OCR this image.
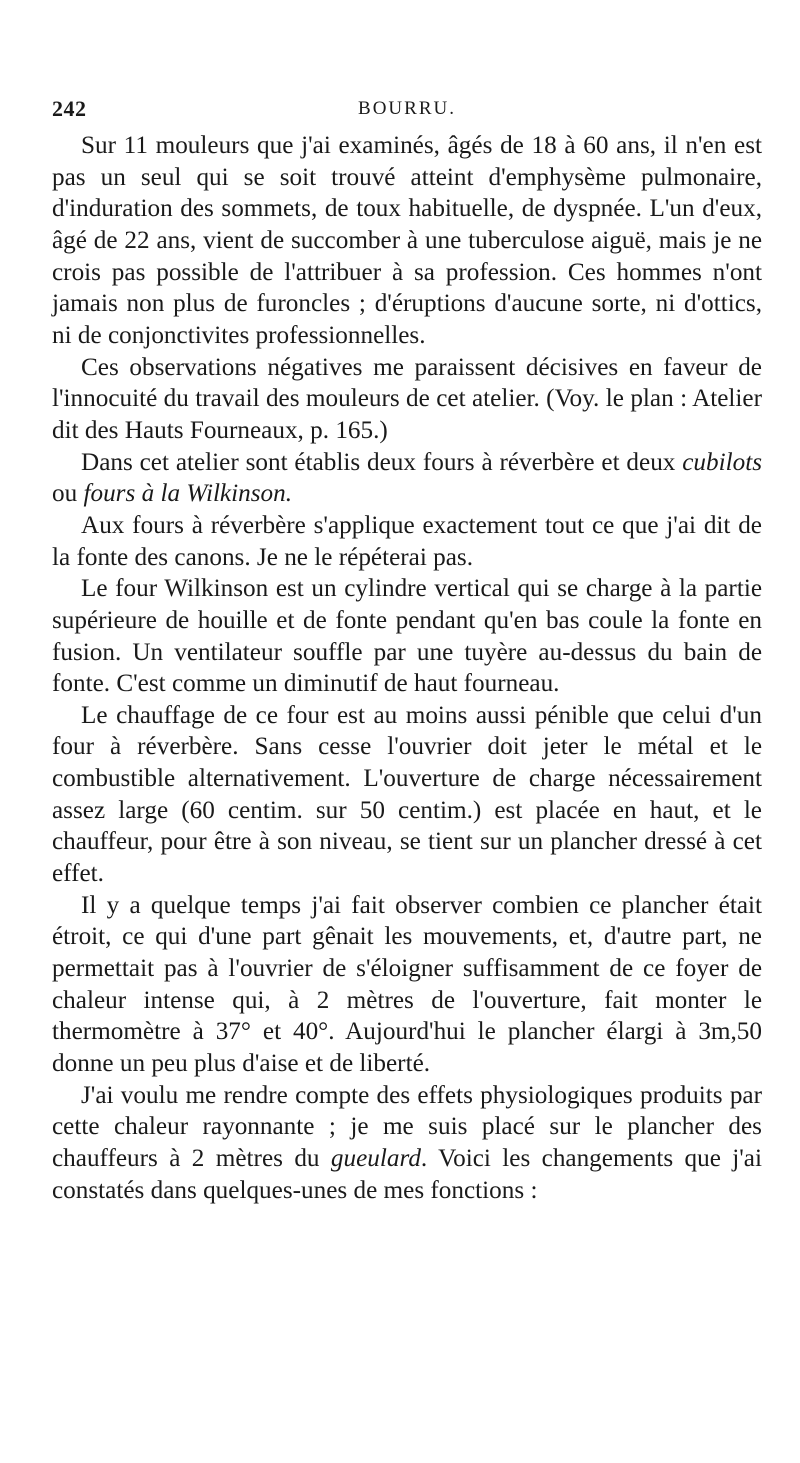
242	BOURRU.

Sur 11 mouleurs que j'ai examinés, âgés de 18 à 60 ans, il n'en est pas un seul qui se soit trouvé atteint d'emphysème pulmonaire, d'induration des sommets, de toux habituelle, de dyspnée. L'un d'eux, âgé de 22 ans, vient de succomber à une tuberculose aiguë, mais je ne crois pas possible de l'attribuer à sa profession. Ces hommes n'ont jamais non plus de furoncles ; d'éruptions d'aucune sorte, ni d'ottics, ni de conjonctivites professionnelles.

Ces observations négatives me paraissent décisives en faveur de l'innocuité du travail des mouleurs de cet atelier. (Voy. le plan : Atelier dit des Hauts Fourneaux, p. 165.)

Dans cet atelier sont établis deux fours à réverbère et deux cubilots ou fours à la Wilkinson.

Aux fours à réverbère s'applique exactement tout ce que j'ai dit de la fonte des canons. Je ne le répéterai pas.

Le four Wilkinson est un cylindre vertical qui se charge à la partie supérieure de houille et de fonte pendant qu'en bas coule la fonte en fusion. Un ventilateur souffle par une tuyère au-dessus du bain de fonte. C'est comme un diminutif de haut fourneau.

Le chauffage de ce four est au moins aussi pénible que celui d'un four à réverbère. Sans cesse l'ouvrier doit jeter le métal et le combustible alternativement. L'ouverture de charge nécessairement assez large (60 centim. sur 50 centim.) est placée en haut, et le chauffeur, pour être à son niveau, se tient sur un plancher dressé à cet effet.

Il y a quelque temps j'ai fait observer combien ce plancher était étroit, ce qui d'une part gênait les mouvements, et, d'autre part, ne permettait pas à l'ouvrier de s'éloigner suffisamment de ce foyer de chaleur intense qui, à 2 mètres de l'ouverture, fait monter le thermomètre à 37° et 40°. Aujourd'hui le plancher élargi à 3m,50 donne un peu plus d'aise et de liberté.

J'ai voulu me rendre compte des effets physiologiques produits par cette chaleur rayonnante ; je me suis placé sur le plancher des chauffeurs à 2 mètres du gueulard. Voici les changements que j'ai constatés dans quelques-unes de mes fonctions :
